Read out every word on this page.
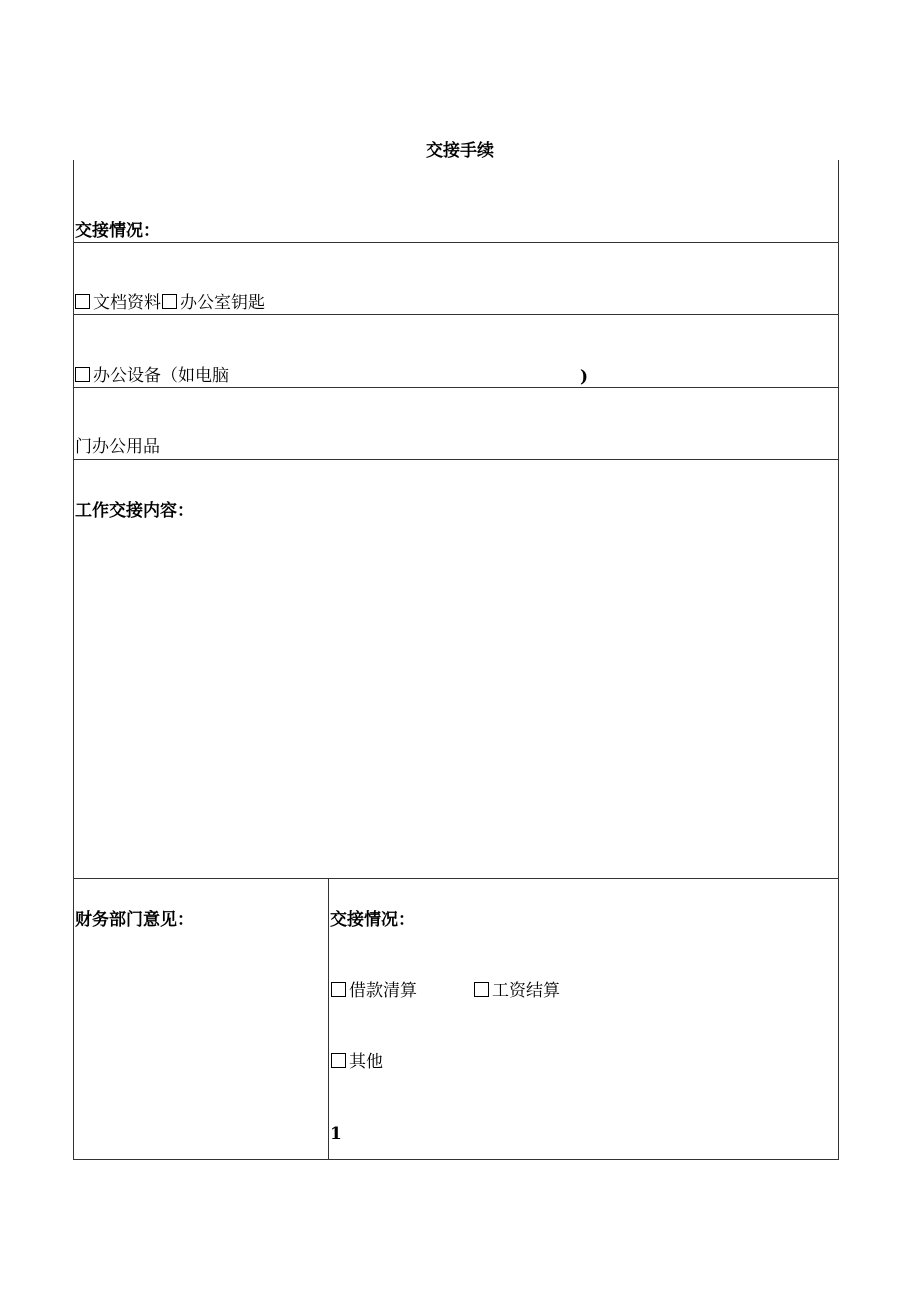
交接手续
交接情况：
文档资料 办公室钥匙
办公设备（如电脑	)
门办公用品
工作交接内容：
财务部门意见：	交接情况：
借款清算	工资结算
其他
1
